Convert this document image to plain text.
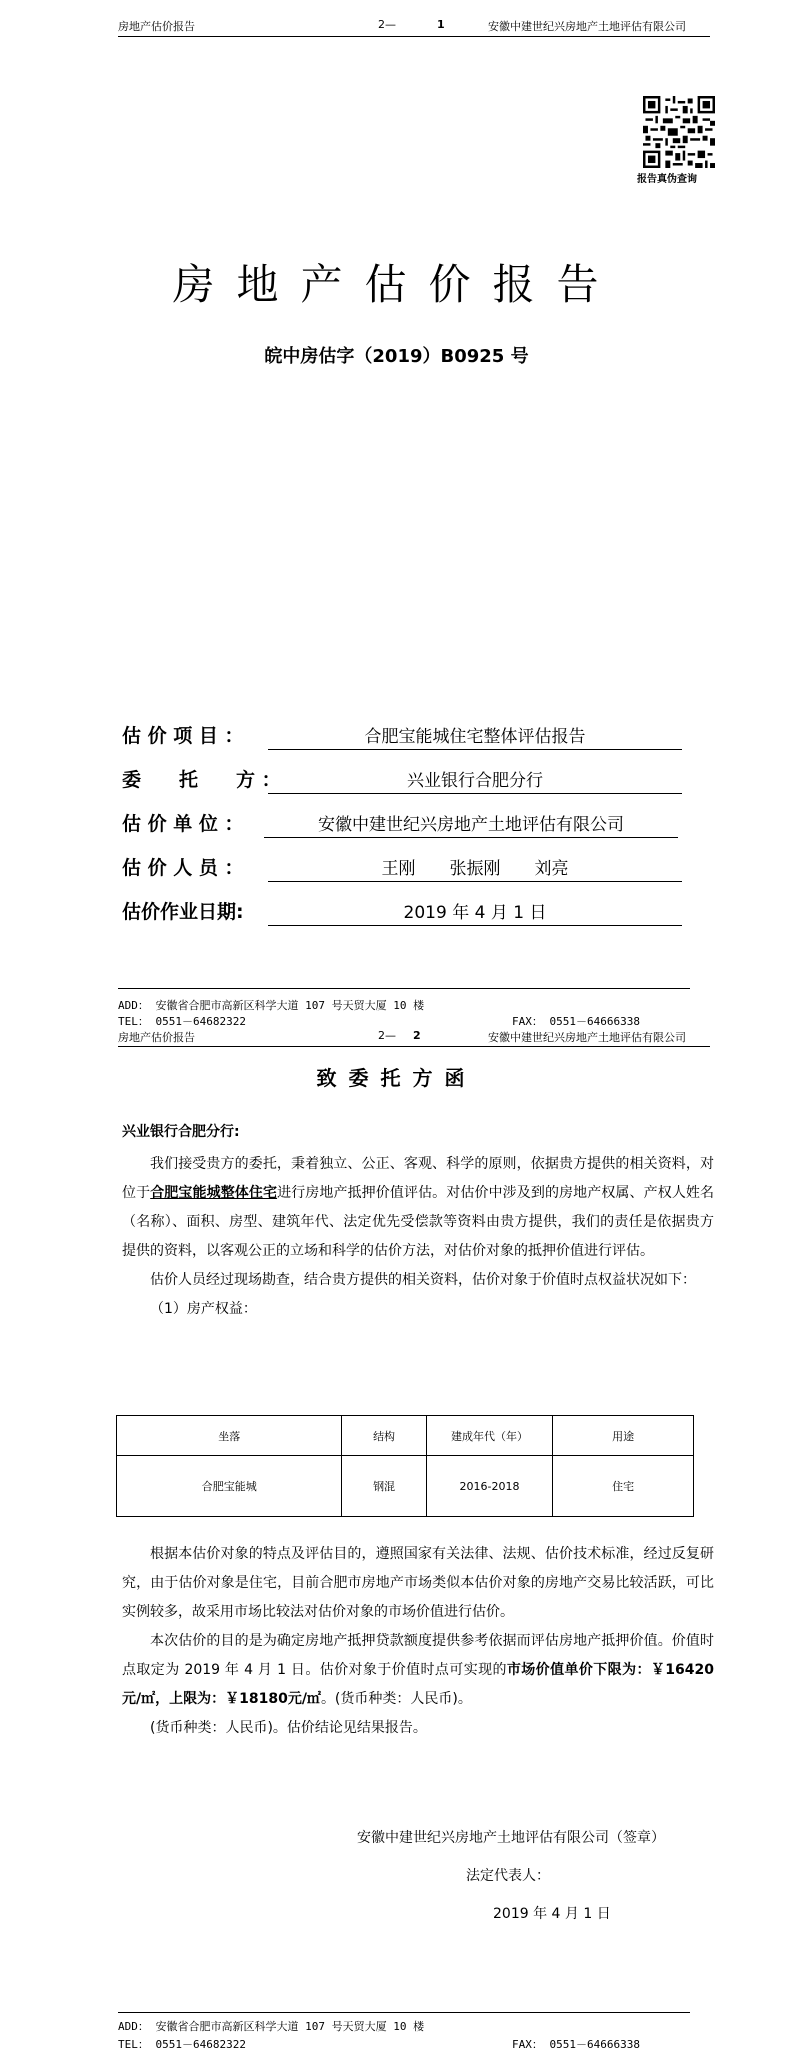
房地产估价报告	2—	1	安徽中建世纪兴房地产土地评估有限公司
报告真伪查询
房地产估价报告
皖中房估字（2019）B0925 号
估 价 项 目 ：	合肥宝能城住宅整体评估报告
委　　托　　方 ：	兴业银行合肥分行
估 价 单 位 ：	安徽中建世纪兴房地产土地评估有限公司
估 价 人 员 ：	王刚　　张振刚　　刘亮
估价作业日期:	2019 年 4 月 1 日
ADD： 安徽省合肥市高新区科学大道 107 号天贸大厦 10 楼
TEL： 0551－64682322	FAX： 0551－64666338
房地产估价报告	2— 2	安徽中建世纪兴房地产土地评估有限公司
致委托方函
兴业银行合肥分行:

我们接受贵方的委托，秉着独立、公正、客观、科学的原则，依据贵方提供的相关资料，对位于合肥宝能城整体住宅进行房地产抵押价值评估。对估价中涉及到的房地产权属、产权人姓名（名称）、面积、房型、建筑年代、法定优先受偿款等资料由贵方提供，我们的责任是依据贵方提供的资料，以客观公正的立场和科学的估价方法，对估价对象的抵押价值进行评估。

估价人员经过现场勘查，结合贵方提供的相关资料，估价对象于价值时点权益状况如下：

（1）房产权益：

坐落	结构	建成年代（年）	用途
合肥宝能城	钢混	2016-2018	住宅

根据本估价对象的特点及评估目的，遵照国家有关法律、法规、估价技术标准，经过反复研究，由于估价对象是住宅，目前合肥市房地产市场类似本估价对象的房地产交易比较活跃，可比实例较多，故采用市场比较法对估价对象的市场价值进行估价。

本次估价的目的是为确定房地产抵押贷款额度提供参考依据而评估房地产抵押价值。价值时点取定为 2019 年 4 月 1 日。估价对象于价值时点可实现的市场价值单价下限为：￥16420元/㎡，上限为：￥18180元/㎡。(货币种类：人民币)。

(货币种类：人民币)。估价结论见结果报告。

安徽中建世纪兴房地产土地评估有限公司（签章）
法定代表人：
2019 年 4 月 1 日
ADD： 安徽省合肥市高新区科学大道 107 号天贸大厦 10 楼
TEL： 0551－64682322	FAX： 0551－64666338
